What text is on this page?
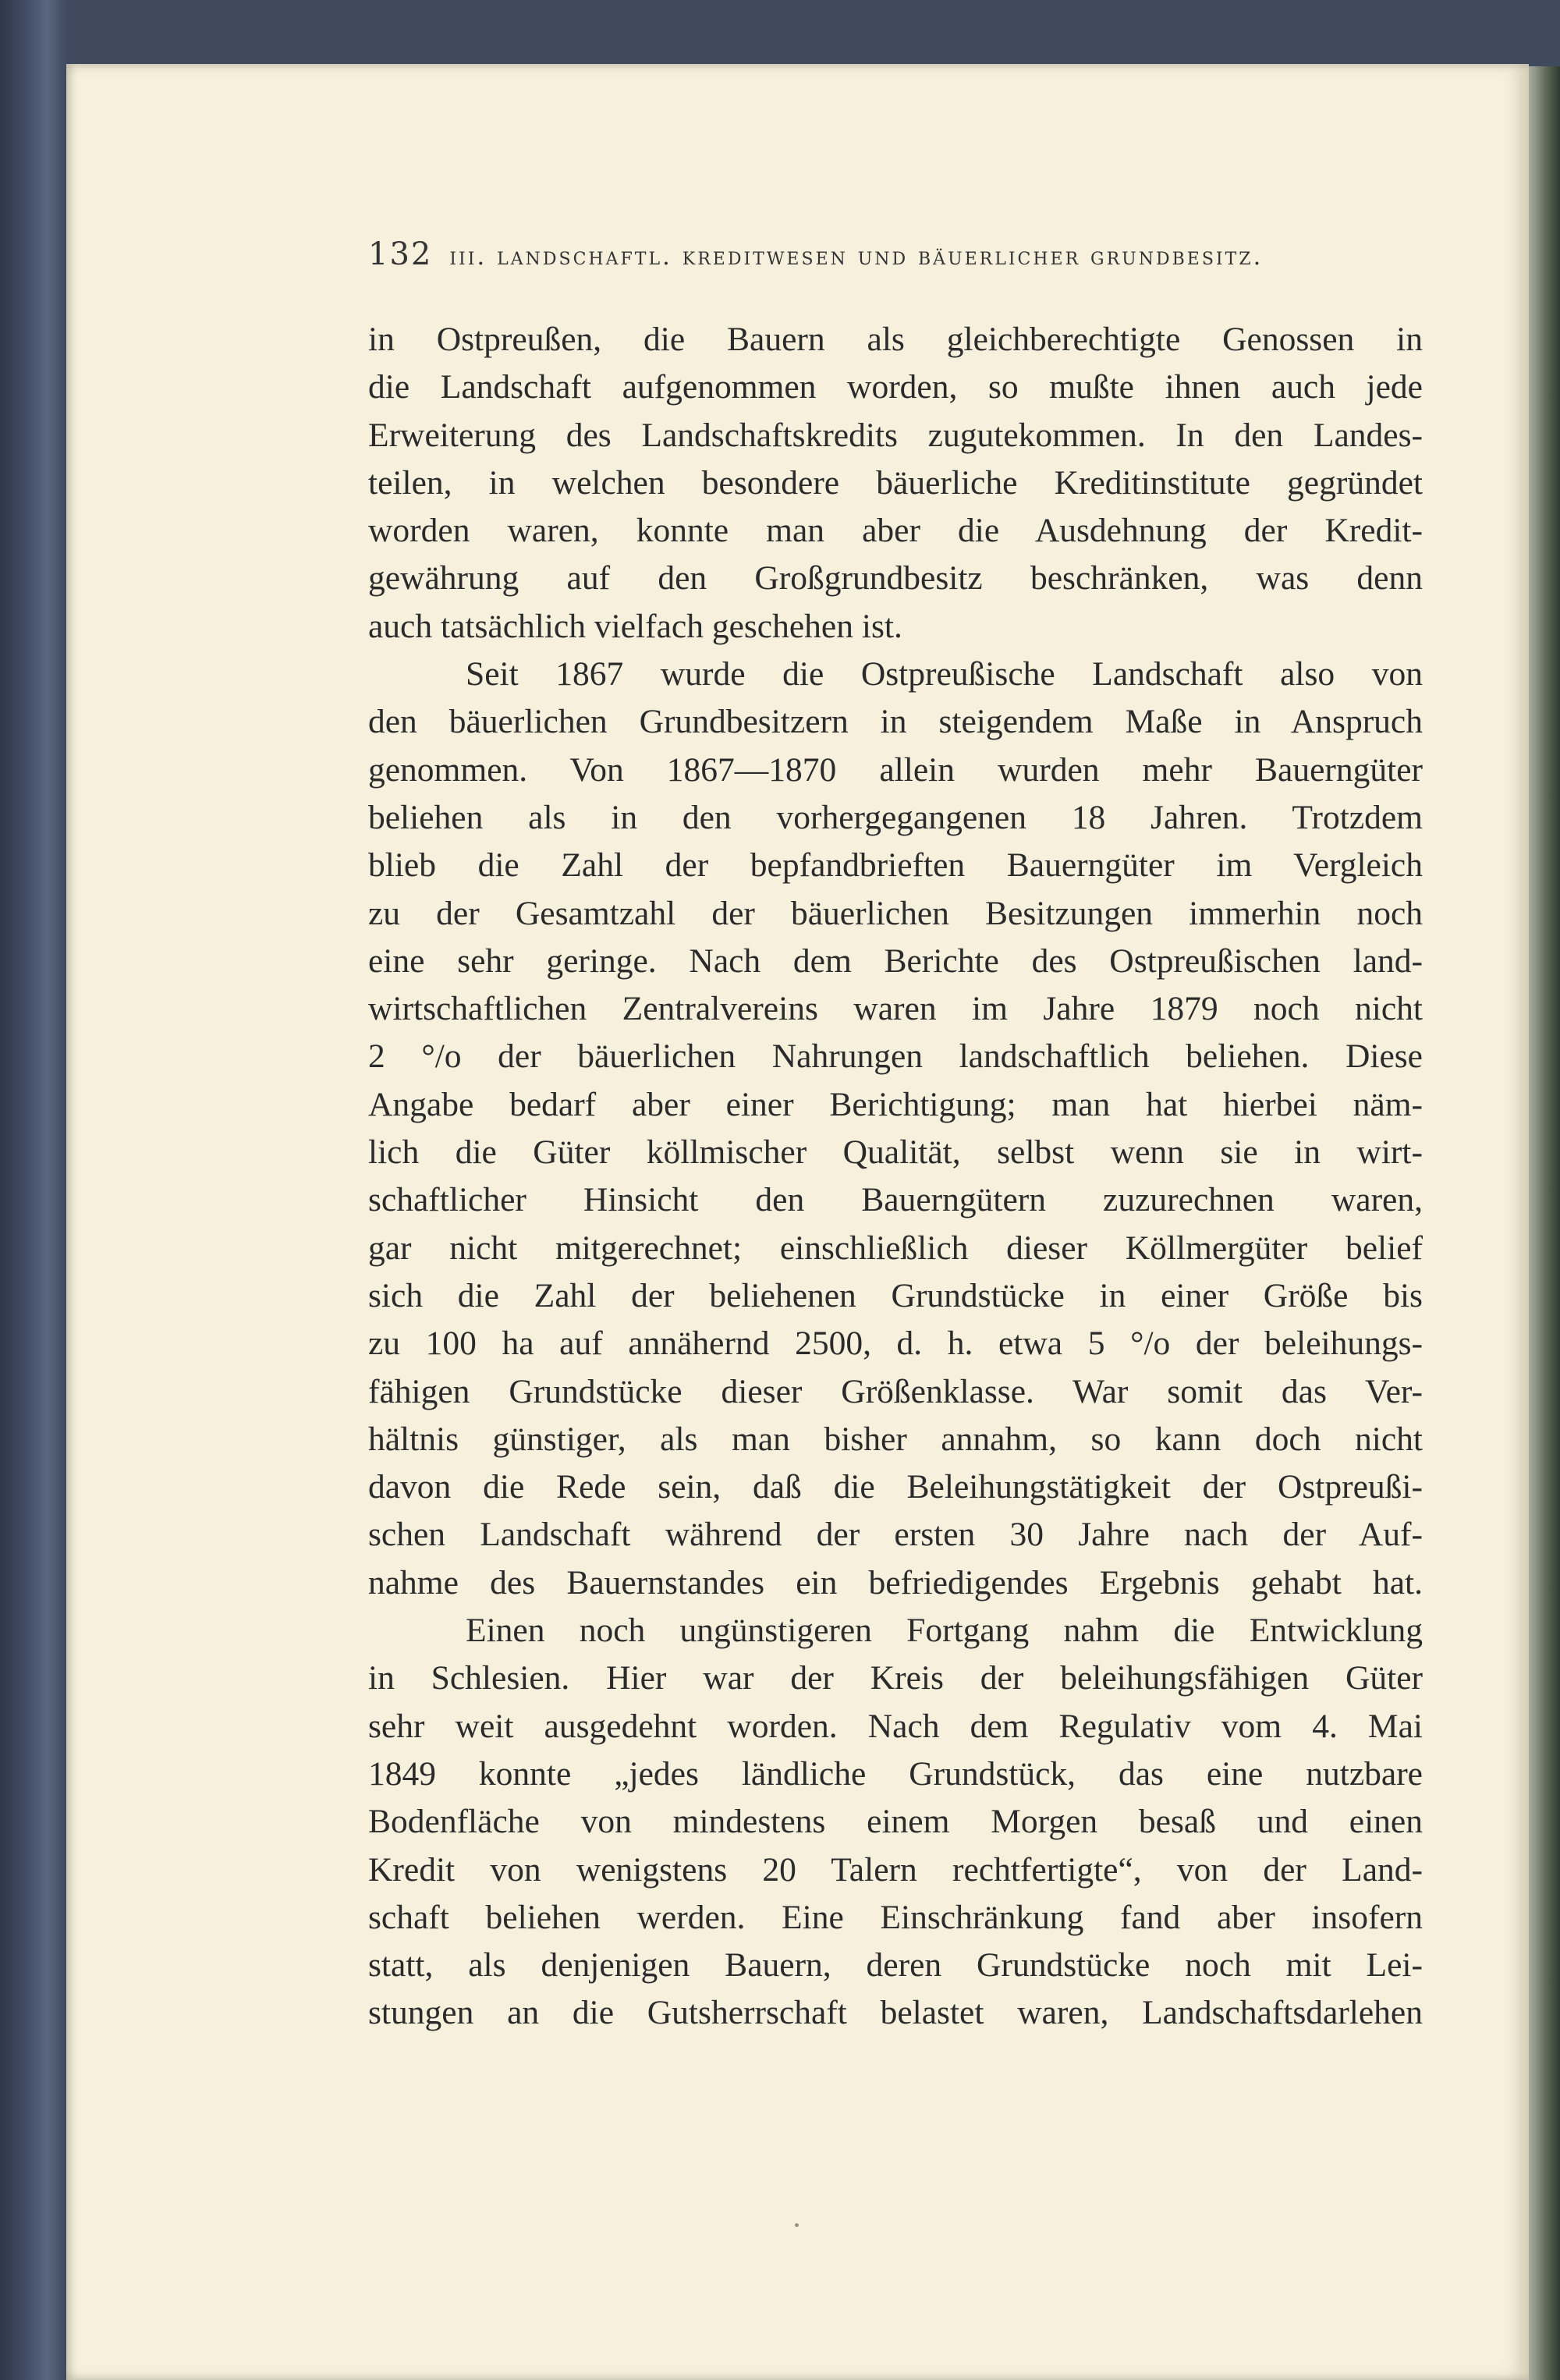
132 iii. landschaftl. kreditwesen und bäuerlicher grundbesitz.
in Ostpreußen, die Bauern als gleichberechtigte Genossen in
die Landschaft aufgenommen worden, so mußte ihnen auch jede
Erweiterung des Landschaftskredits zugutekommen. In den Landes-
teilen, in welchen besondere bäuerliche Kreditinstitute gegründet
worden waren, konnte man aber die Ausdehnung der Kredit-
gewährung auf den Großgrundbesitz beschränken, was denn
auch tatsächlich vielfach geschehen ist.
Seit 1867 wurde die Ostpreußische Landschaft also von
den bäuerlichen Grundbesitzern in steigendem Maße in Anspruch
genommen. Von 1867—1870 allein wurden mehr Bauerngüter
beliehen als in den vorhergegangenen 18 Jahren. Trotzdem
blieb die Zahl der bepfandbrieften Bauerngüter im Vergleich
zu der Gesamtzahl der bäuerlichen Besitzungen immerhin noch
eine sehr geringe. Nach dem Berichte des Ostpreußischen land-
wirtschaftlichen Zentralvereins waren im Jahre 1879 noch nicht
2 °/o der bäuerlichen Nahrungen landschaftlich beliehen. Diese
Angabe bedarf aber einer Berichtigung; man hat hierbei näm-
lich die Güter köllmischer Qualität, selbst wenn sie in wirt-
schaftlicher Hinsicht den Bauerngütern zuzurechnen waren,
gar nicht mitgerechnet; einschließlich dieser Köllmergüter belief
sich die Zahl der beliehenen Grundstücke in einer Größe bis
zu 100 ha auf annähernd 2500, d. h. etwa 5 °/o der beleihungs-
fähigen Grundstücke dieser Größenklasse. War somit das Ver-
hältnis günstiger, als man bisher annahm, so kann doch nicht
davon die Rede sein, daß die Beleihungstätigkeit der Ostpreußi-
schen Landschaft während der ersten 30 Jahre nach der Auf-
nahme des Bauernstandes ein befriedigendes Ergebnis gehabt hat.
Einen noch ungünstigeren Fortgang nahm die Entwicklung
in Schlesien. Hier war der Kreis der beleihungsfähigen Güter
sehr weit ausgedehnt worden. Nach dem Regulativ vom 4. Mai
1849 konnte „jedes ländliche Grundstück, das eine nutzbare
Bodenfläche von mindestens einem Morgen besaß und einen
Kredit von wenigstens 20 Talern rechtfertigte“, von der Land-
schaft beliehen werden. Eine Einschränkung fand aber insofern
statt, als denjenigen Bauern, deren Grundstücke noch mit Lei-
stungen an die Gutsherrschaft belastet waren, Landschaftsdarlehen
